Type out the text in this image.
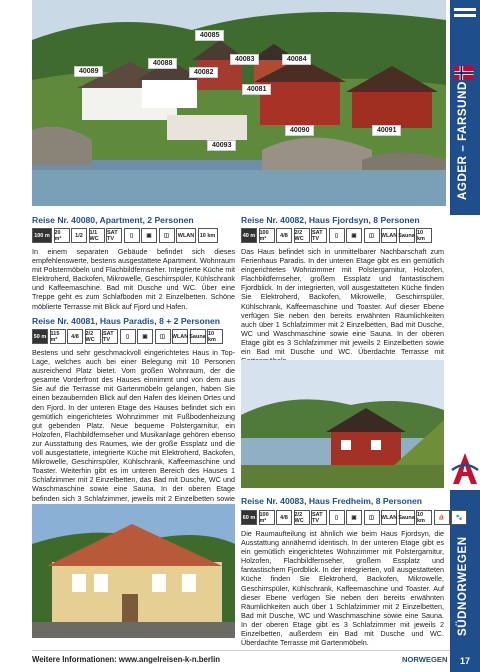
AGDER – FARSUND
SÜDNORWEGEN
40085
40088
40089	40082
40083	40084
40081
40090	40091
40093
Reise Nr. 40080, Apartment, 2 Personen
100 m 20 m²	1/2	1/1 WC
SAT TV	▯	▣	◫	WLAN 10 km
In einem separaten Gebäude befindet sich dieses empfehlenswerte, bestens ausgestattete Apartment. Wohnraum mit Polstermöbeln und Flachbildfernseher. Integrierte Küche mit Elektroherd, Backofen, Mikrowelle, Geschirrspüler, Kühlschrank und Kaffeemaschine. Bad mit Dusche und WC. Über eine Treppe geht es zum Schlafboden mit 2 Einzelbetten. Schöne möblierte Terrasse mit Blick auf Fjord und Hafen.
Reise Nr. 40081, Haus Paradis, 8 + 2 Personen
50 m 115 m²	4/8	2/2 WC
SAT TV	▯	▣	◫	WLAN Sauna 10 km
Bestens und sehr geschmackvoll eingerichtetes Haus in Top-Lage, welches auch bei einer Belegung mit 10 Personen ausreichend Platz bietet. Vom großen Wohnraum, der die gesamte Vorderfront des Hauses einnimmt und von dem aus Sie auf die Terrasse mit Gartenmöbeln gelangen, haben Sie einen bezaubernden Blick auf den Hafen des kleinen Ortes und den Fjord. In der unteren Etage des Hauses befindet sich ein gemütlich eingerichtetes Wohnzimmer mit Fußbodenheizung gut gebenden Platz. Neue bequeme Polstergarnitur, ein Holzofen, Flachbildfernseher und Musikanlage gehören ebenso zur Ausstattung des Raumes, wie der große Essplatz und die voll ausgestattete, integrierte Küche mit Elektroherd, Backofen, Mikrowelle, Geschirrspüler, Kühlschrank, Kaffeemaschine und Toaster. Weiterhin gibt es im unteren Bereich des Hauses 1 Schlafzimmer mit 2 Einzelbetten, das Bad mit Dusche, WC und Waschmaschine sowie eine Sauna. In der oberen Etage befinden sich 3 Schlafzimmer, jeweils mit 2 Einzelbetten sowie
Reise Nr. 40082, Haus Fjordsyn, 8 Personen
40 m 100 m²	4/8	2/2 WC
SAT TV	▯	▣	◫	WLAN Sauna 10 km
Das Haus befindet sich in unmittelbarer Nachbarschaft zum Ferienhaus Paradis. In der unteren Etage gibt es ein gemütlich eingerichtetes Wohnzimmer mit Polstergarnitur, Holzofen, Flachbildfernseher, großem Essplatz und fantastischem Fjordblick. In der integrierten, voll ausgestatteten Küche finden Sie Elektroherd, Backofen, Mikrowelle, Geschirrspüler, Kühlschrank, Kaffeemaschine und Toaster. Auf dieser Ebene verfügen Sie neben den bereits erwähnten Räumlichkeiten auch über 1 Schlafzimmer mit 2 Einzelbetten, Bad mit Dusche, WC und Waschmaschine sowie eine Sauna. In der oberen Etage gibt es 3 Schlafzimmer mit jeweils 2 Einzelbetten sowie ein Bad mit Dusche und WC. Überdachte Terrasse mit
Reise Nr. 40083, Haus Fredheim, 8 Personen
60 m 100 m²	4/8	2/2 WC
SAT TV	▯	▣	◫	WLAN Sauna 10 km	⛵	🐾
Die Raumaufteilung ist ähnlich wie beim Haus Fjordsyn, die Ausstattung annähernd identisch. In der unteren Etage gibt es ein gemütlich eingerichtetes Wohnzimmer mit Polstergarnitur, Holzofen, Flachbildfernseher, großem Essplatz und fantastischem Fjordblick. In der integrierten, voll ausgestatteten Küche finden Sie Elektroherd, Backofen, Mikrowelle, Geschirrspüler, Kühlschrank, Kaffeemaschine und Toaster. Auf dieser Ebene verfügen Sie neben den bereits erwähnten Räumlichkeiten auch über 1 Schlafzimmer mit 2 Einzelbetten, Bad mit Dusche, WC und Waschmaschine sowie eine Sauna. In der oberen Etage gibt es 3 Schlafzimmer mit jeweils 2 Einzelbetten, außerdem ein Bad mit Dusche und WC. Überdachte Terrasse mit Gartenmöbeln.
Weitere Informationen: www.angelreisen-k-n.berlin	NORWEGEN	17
